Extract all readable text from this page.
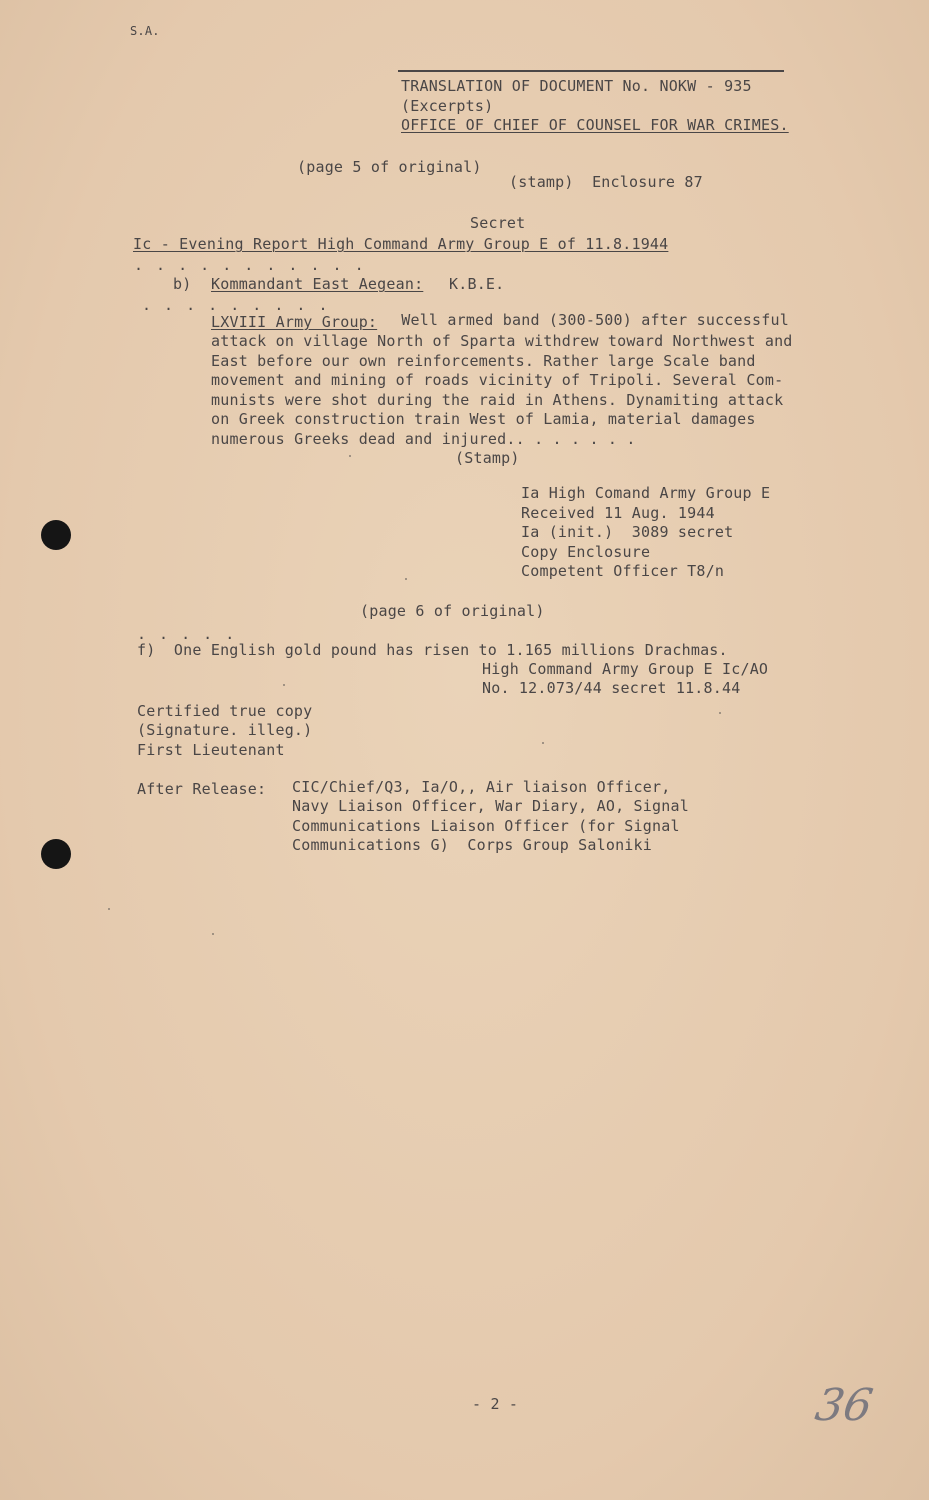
S.A.
TRANSLATION OF DOCUMENT No. NOKW - 935
(Excerpts)
OFFICE OF CHIEF OF COUNSEL FOR WAR CRIMES.
(page 5 of original)
(stamp)  Enclosure 87
Secret
Ic - Evening Report High Command Army Group E of 11.8.1944
. . . . . . . . . . .
b) Kommandant East Aegean: K.B.E.
. . . . . . . . .
LXVIII Army Group: Well armed band (300-500) after successful
attack on village North of Sparta withdrew toward Northwest and
East before our own reinforcements. Rather large Scale band
movement and mining of roads vicinity of Tripoli. Several Com-
munists were shot during the raid in Athens. Dynamiting attack
on Greek construction train West of Lamia, material damages
numerous Greeks dead and injured.. . . . . . .
(Stamp)
Ia High Comand Army Group E
Received 11 Aug. 1944
Ia (init.)  3089 secret
Copy Enclosure
Competent Officer T8/n
(page 6 of original)
. . . . .
f)  One English gold pound has risen to 1.165 millions Drachmas.
High Command Army Group E Ic/AO
No. 12.073/44 secret 11.8.44
Certified true copy
(Signature. illeg.)
First Lieutenant
After Release: CIC/Chief/Q3, Ia/O,, Air liaison Officer,
Navy Liaison Officer, War Diary, AO, Signal
Communications Liaison Officer (for Signal
Communications G)  Corps Group Saloniki
- 2 -	36
